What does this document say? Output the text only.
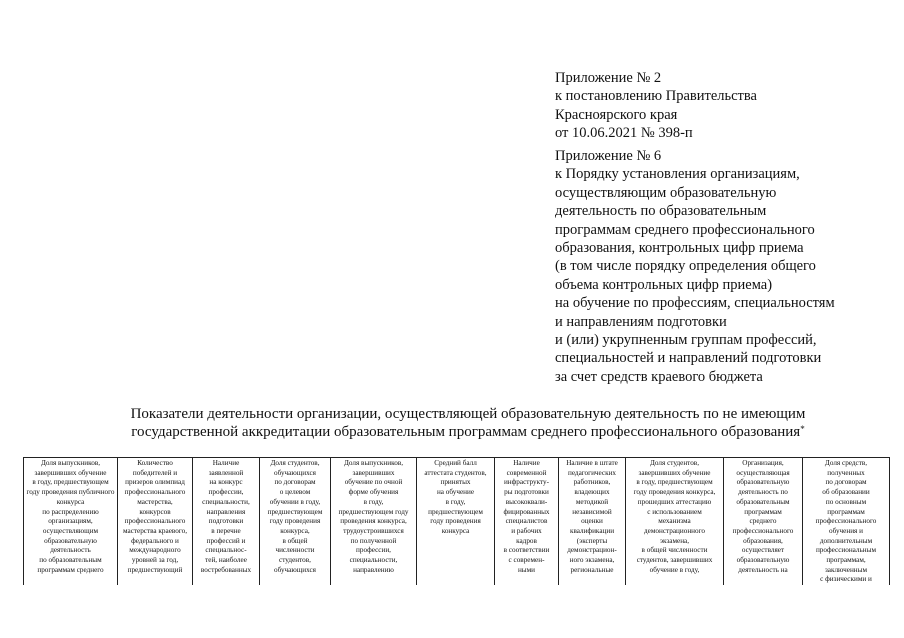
Приложение № 2
к постановлению Правительства
Красноярского края
от 10.06.2021 № 398-п
Приложение № 6
к Порядку установления организациям,
осуществляющим образовательную
деятельность по образовательным
программам среднего профессионального
образования, контрольных цифр приема
(в том числе порядку определения общего
объема контрольных цифр приема)
на обучение по профессиям, специальностям
и направлениям подготовки
и (или) укрупненным группам профессий,
специальностей и направлений подготовки
за счет средств краевого бюджета
Показатели деятельности организации, осуществляющей образовательную деятельность по не имеющим
государственной аккредитации образовательным программам среднего профессионального образования*
Доля выпускников,
завершивших обучение
в году, предшествующем
году проведения публичного
конкурса
по распределению
организациям,
осуществляющим
образовательную
деятельность
по образовательным
программам среднего

Количество
победителей и
призеров олимпиад
профессионального
мастерства,
конкурсов
профессионального
мастерства краевого,
федерального и
международного
уровней за год,
предшествующий

Наличие
заявленной
на конкурс
профессии,
специальности,
направления
подготовки
в перечне
профессий и
специальнос-
тей, наиболее
востребованных

Доля студентов,
обучающихся
по договорам
о целевом
обучении в году,
предшествующем
году проведения
конкурса,
в общей
численности
студентов,
обучающихся

Доля выпускников,
завершивших
обучение по очной
форме обучения
в году,
предшествующем году
проведения конкурса,
трудоустроившихся
по полученной
профессии,
специальности,
направлению

Средний балл
аттестата студентов,
принятых
на обучение
в году,
предшествующем
году проведения
конкурса

Наличие
современной
инфраструкту-
ры подготовки
высококвали-
фицированных
специалистов
и рабочих
кадров
в соответствии
с современ-
ными

Наличие в штате
педагогических
работников,
владеющих
методикой
независимой
оценки
квалификации
(эксперты
демонстрацион-
ного экзамена,
региональные

Доля студентов,
завершивших обучение
в году, предшествующем
году проведения конкурса,
прошедших аттестацию
с использованием
механизма
демонстрационного
экзамена,
в общей численности
студентов, завершивших
обучение в году,

Организация,
осуществляющая
образовательную
деятельность по
образовательным
программам
среднего
профессионального
образования,
осуществляет
образовательную
деятельность на

Доля средств,
полученных
по договорам
об образовании
по основным
программам
профессионального
обучения и
дополнительным
профессиональным
программам,
заключенным
с физическими и
